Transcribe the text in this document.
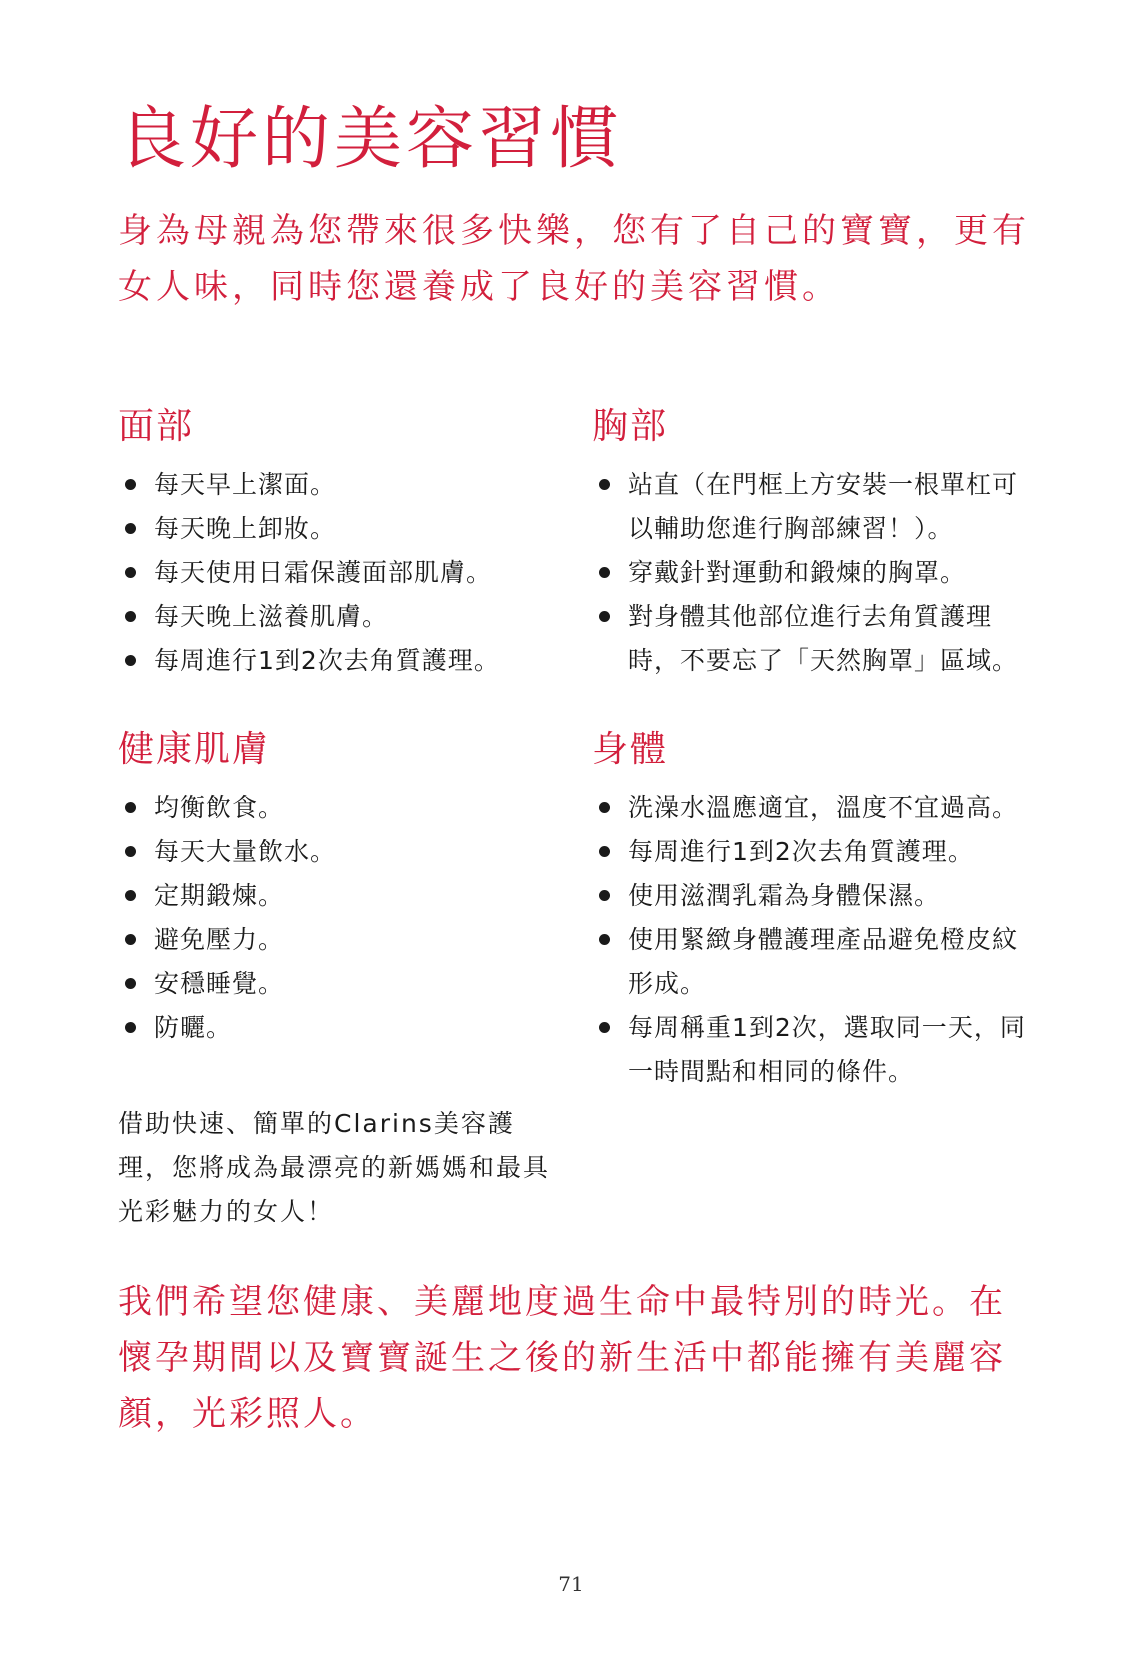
良好的美容習慣

身為母親為您帶來很多快樂，您有了自己的寶寶，更有女人味，同時您還養成了良好的美容習慣。

面部
每天早上潔面。
每天晚上卸妝。
每天使用日霜保護面部肌膚。
每天晚上滋養肌膚。
每周進行1到2次去角質護理。
胸部
站直（在門框上方安裝一根單杠可以輔助您進行胸部練習！）。
穿戴針對運動和鍛煉的胸罩。
對身體其他部位進行去角質護理時，不要忘了「天然胸罩」區域。
健康肌膚
均衡飲食。
每天大量飲水。
定期鍛煉。
避免壓力。
安穩睡覺。
防曬。
身體
洗澡水溫應適宜，溫度不宜過高。
每周進行1到2次去角質護理。
使用滋潤乳霜為身體保濕。
使用緊緻身體護理產品避免橙皮紋形成。
每周稱重1到2次，選取同一天，同一時間點和相同的條件。

借助快速、簡單的Clarins美容護理，您將成為最漂亮的新媽媽和最具光彩魅力的女人！

我們希望您健康、美麗地度過生命中最特別的時光。在懷孕期間以及寶寶誕生之後的新生活中都能擁有美麗容顏，光彩照人。

71
